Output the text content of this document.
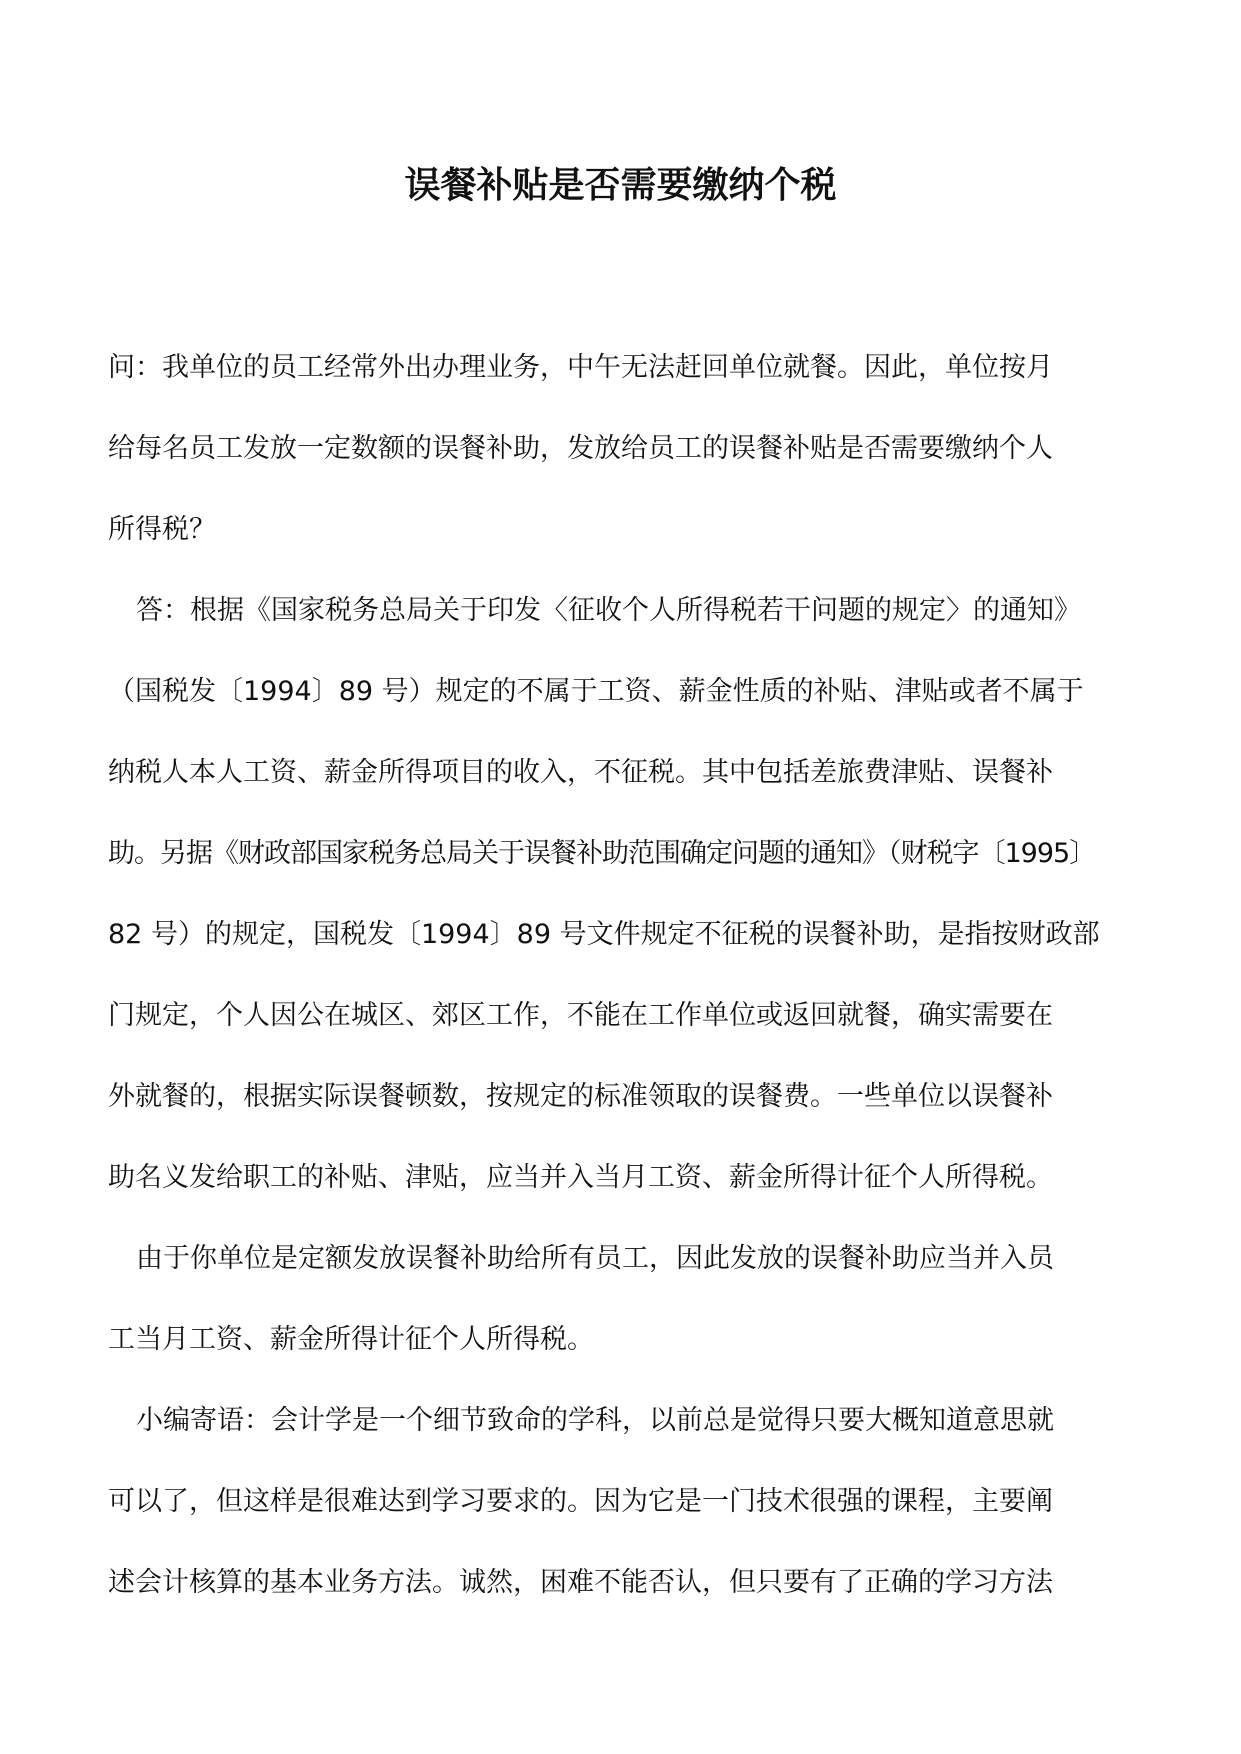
误餐补贴是否需要缴纳个税

问：我单位的员工经常外出办理业务，中午无法赶回单位就餐。因此，单位按月

给每名员工发放一定数额的误餐补助，发放给员工的误餐补贴是否需要缴纳个人

所得税？

答：根据《国家税务总局关于印发〈征收个人所得税若干问题的规定〉的通知》

（国税发〔1994〕89 号）规定的不属于工资、薪金性质的补贴、津贴或者不属于

纳税人本人工资、薪金所得项目的收入，不征税。其中包括差旅费津贴、误餐补

助。另据《财政部国家税务总局关于误餐补助范围确定问题的通知》（财税字〔1995〕

82 号）的规定，国税发〔1994〕89 号文件规定不征税的误餐补助，是指按财政部

门规定，个人因公在城区、郊区工作，不能在工作单位或返回就餐，确实需要在

外就餐的，根据实际误餐顿数，按规定的标准领取的误餐费。一些单位以误餐补

助名义发给职工的补贴、津贴，应当并入当月工资、薪金所得计征个人所得税。

由于你单位是定额发放误餐补助给所有员工，因此发放的误餐补助应当并入员

工当月工资、薪金所得计征个人所得税。

小编寄语：会计学是一个细节致命的学科，以前总是觉得只要大概知道意思就

可以了，但这样是很难达到学习要求的。因为它是一门技术很强的课程，主要阐

述会计核算的基本业务方法。诚然，困难不能否认，但只要有了正确的学习方法
